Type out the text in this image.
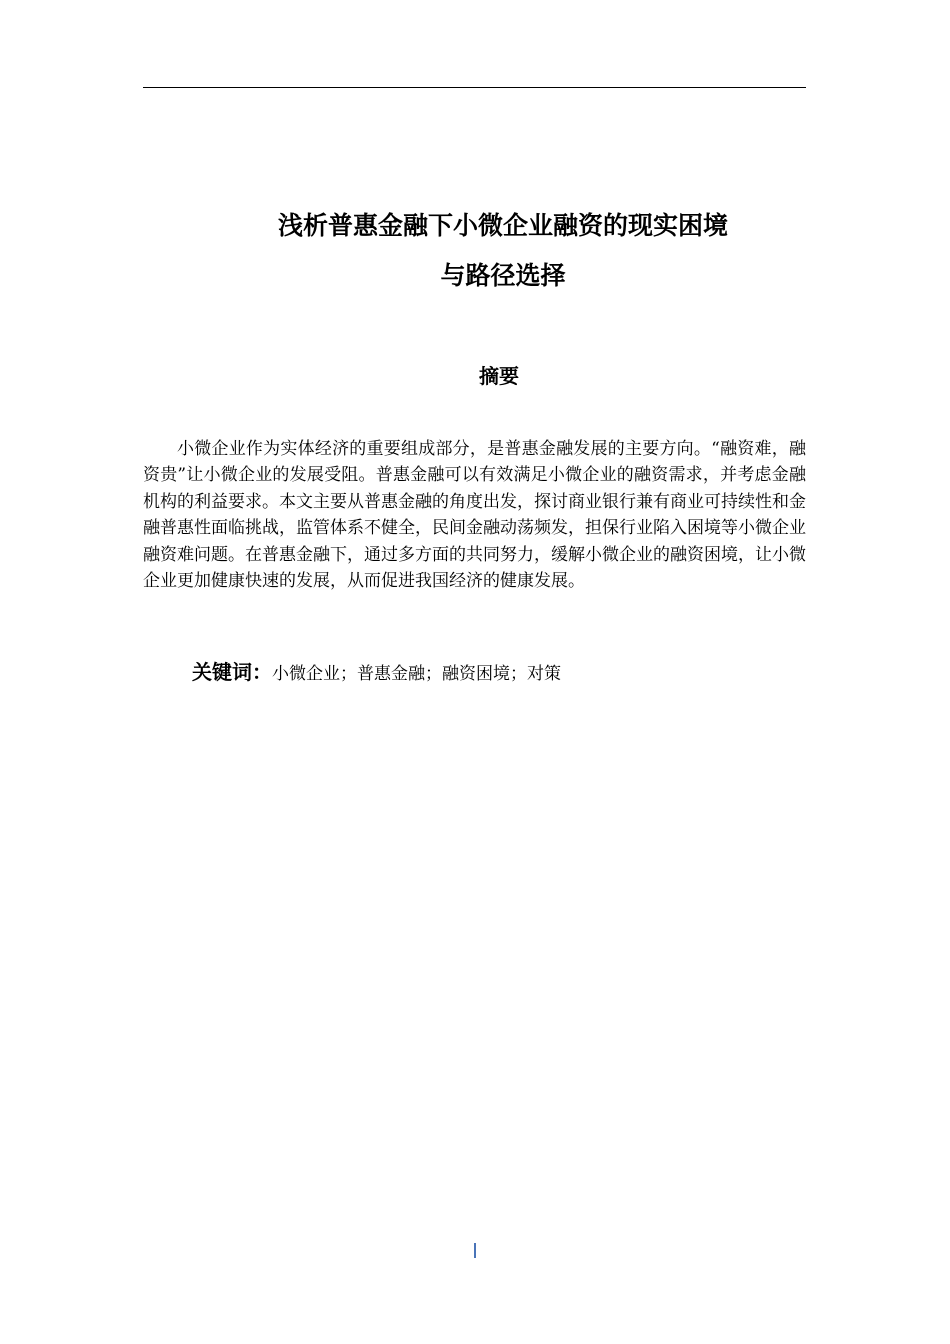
浅析普惠金融下小微企业融资的现实困境
与路径选择
摘要

小微企业作为实体经济的重要组成部分，是普惠金融发展的主要方向。“融资难，融资贵”让小微企业的发展受阻。普惠金融可以有效满足小微企业的融资需求，并考虑金融机构的利益要求。本文主要从普惠金融的角度出发，探讨商业银行兼有商业可持续性和金融普惠性面临挑战，监管体系不健全，民间金融动荡频发，担保行业陷入困境等小微企业融资难问题。在普惠金融下，通过多方面的共同努力，缓解小微企业的融资困境，让小微企业更加健康快速的发展，从而促进我国经济的健康发展。

关键词：小微企业；普惠金融；融资困境；对策
